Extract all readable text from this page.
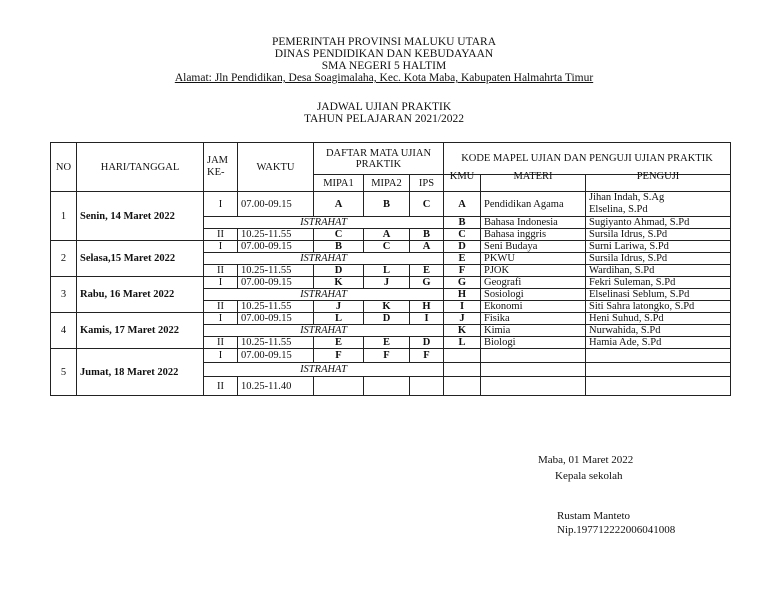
PEMERINTAH PROVINSI MALUKU UTARA
DINAS PENDIDIKAN DAN KEBUDAYAAN
SMA NEGERI 5 HALTIM
Alamat: Jln Pendidikan, Desa Soagimalaha, Kec. Kota Maba, Kabupaten Halmahrta Timur
JADWAL UJIAN PRAKTIK
TAHUN PELAJARAN 2021/2022
NO	HARI/TANGGAL	JAM KE-	WAKTU	DAFTAR MATA UJIAN PRAKTIK			KODE MAPEL UJIAN DAN PENGUJI UJIAN PRAKTIK		
				MIPA1	MIPA2	IPS	KMU	MATERI	PENGUJI
1	Senin, 14 Maret 2022	I	07.00-09.15	A	B	C	A	Pendidikan Agama	Jihan Indah, S.Ag
Elselina, S.Pd

		ISTRAHAT					B	Bahasa Indonesia	Sugiyanto Ahmad, S.Pd

		II	10.25-11.55	C	A	B	C	Bahasa inggris	Sursila Idrus, S.Pd

2	Selasa,15 Maret 2022	I	07.00-09.15	B	C	A	D	Seni Budaya	Surni Lariwa, S.Pd

		ISTRAHAT					E	PKWU	Sursila Idrus, S.Pd

		II	10.25-11.55	D	L	E	F	PJOK	Wardihan, S.Pd

3	Rabu, 16 Maret 2022	I	07.00-09.15	K	J	G	G	Geografi	Fekri Suleman, S.Pd

		ISTRAHAT					H	Sosiologi	Elselinasi Seblum, S.Pd

		II	10.25-11.55	J	K	H	I	Ekonomi	Siti Sahra latongko, S.Pd

4	Kamis, 17 Maret 2022	I	07.00-09.15	L	D	I	J	Fisika	Heni Suhud, S.Pd

		ISTRAHAT					K	Kimia	Nurwahida, S.Pd

		II	10.25-11.55	E	E	D	L	Biologi	Hamia Ade, S.Pd

5	Jumat, 18 Maret 2022	I	07.00-09.15	F	F	F			
		ISTRAHAT							
		II	10.25-11.40						
Maba, 01 Maret 2022
Kepala sekolah
Rustam Manteto
Nip.197712222006041008
